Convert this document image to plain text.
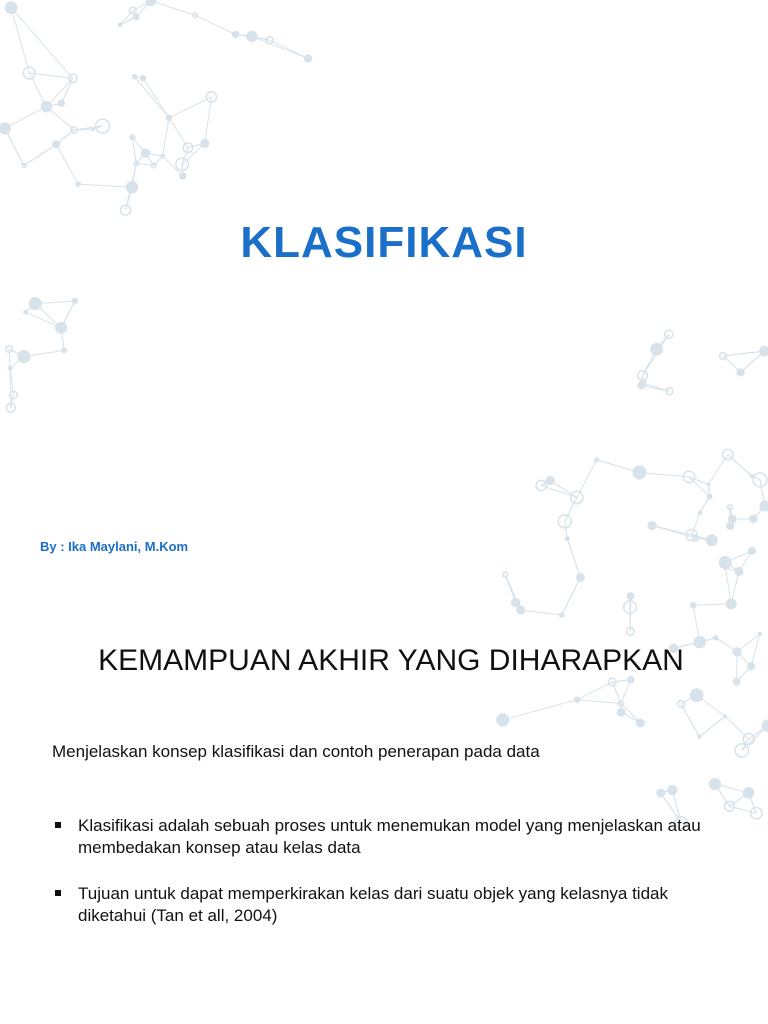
KLASIFIKASI
By : Ika Maylani, M.Kom
KEMAMPUAN AKHIR YANG DIHARAPKAN
Menjelaskan konsep klasifikasi dan contoh penerapan pada data
Klasifikasi adalah sebuah proses untuk menemukan model yang menjelaskan atau membedakan konsep atau kelas data
Tujuan untuk dapat memperkirakan kelas dari suatu objek yang kelasnya tidak diketahui (Tan et all, 2004)
